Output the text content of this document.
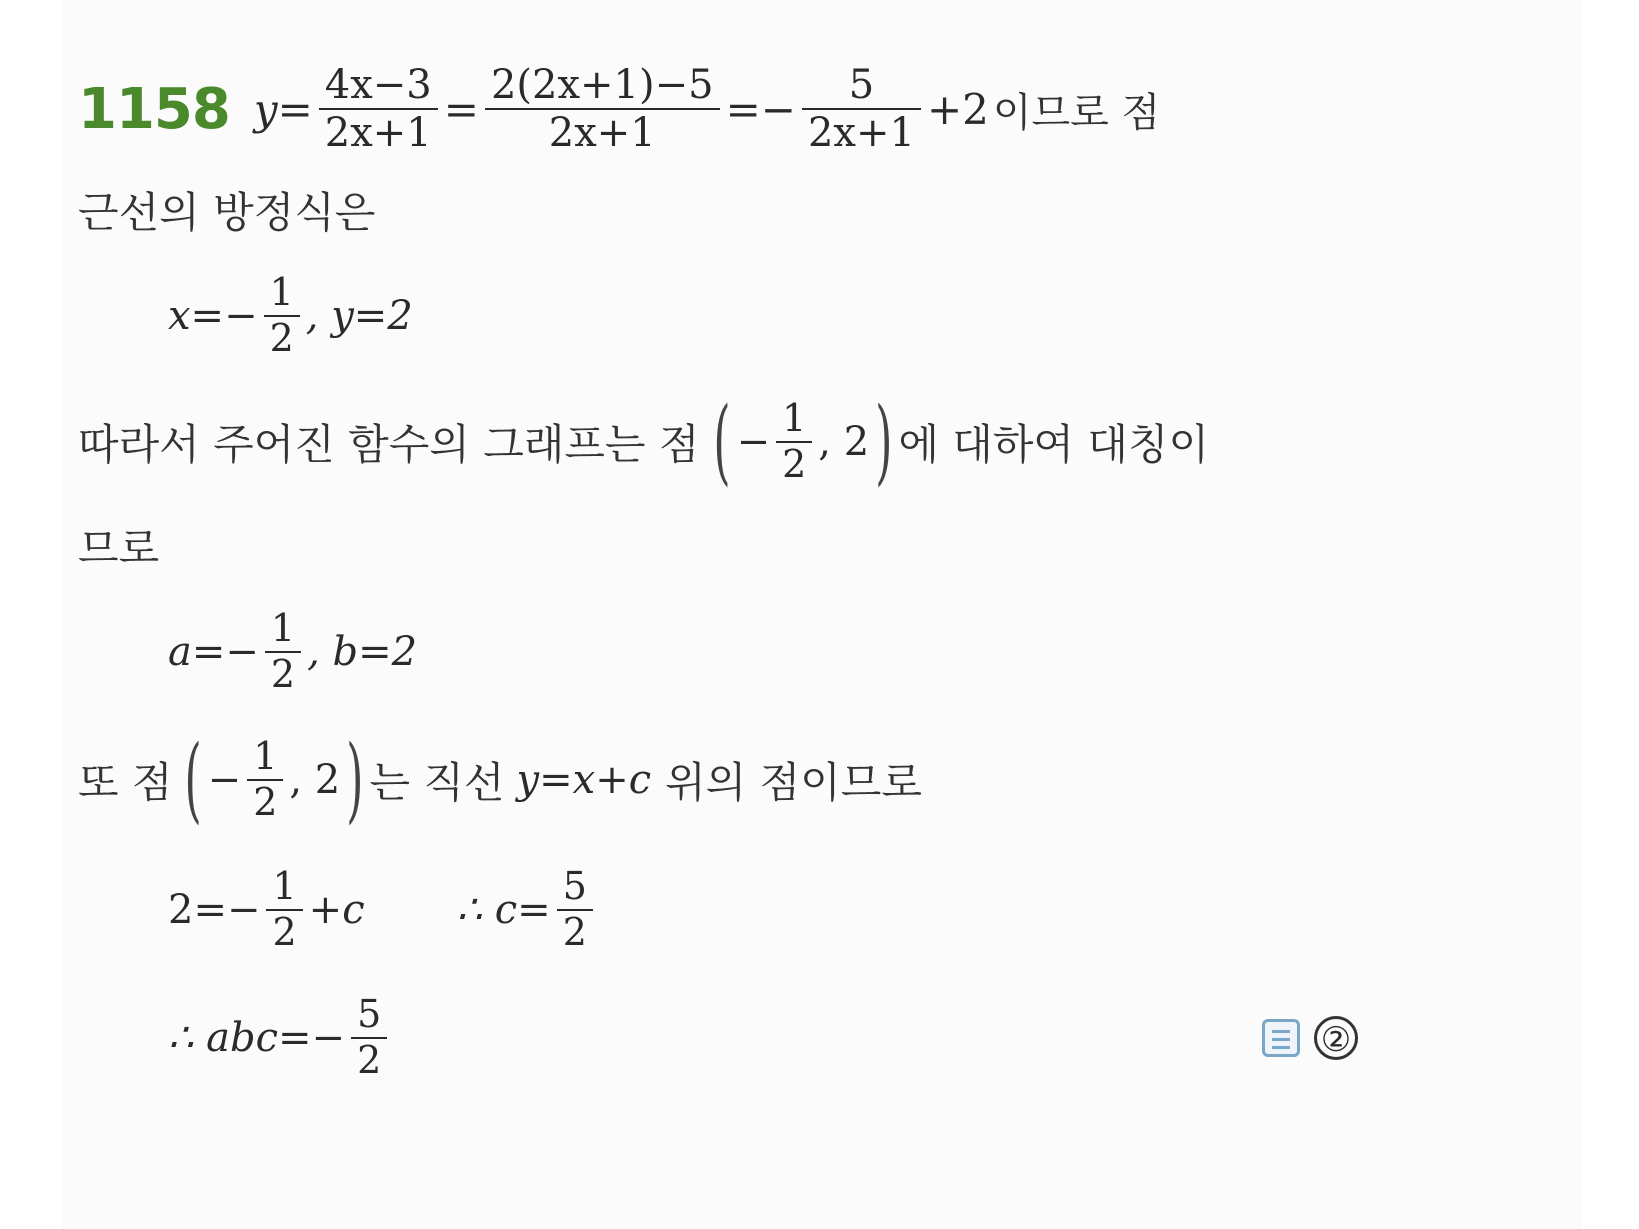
1158 $y= \frac{4x-3}{2x+1} = \frac{2(2x+1)-5}{2x+1} =- \frac{5}{2x+1} +2$ 이므로 점
근선의 방정식은
$x=- \frac{1}{2}$ , y=2
따라서 주어진 함수의 그래프는 점 ( − $\frac{1}{2}$ , 2 ) 에 대하여 대칭이
므로
$a=- \frac{1}{2}$ , b=2
또 점 ( − $\frac{1}{2}$ , 2 ) 는 직선 y=x+c 위의 점이므로
$2=- \frac{1}{2} +c$ ∴ $c= \frac{5}{2}$
∴ $abc=- \frac{5}{2}$	②
